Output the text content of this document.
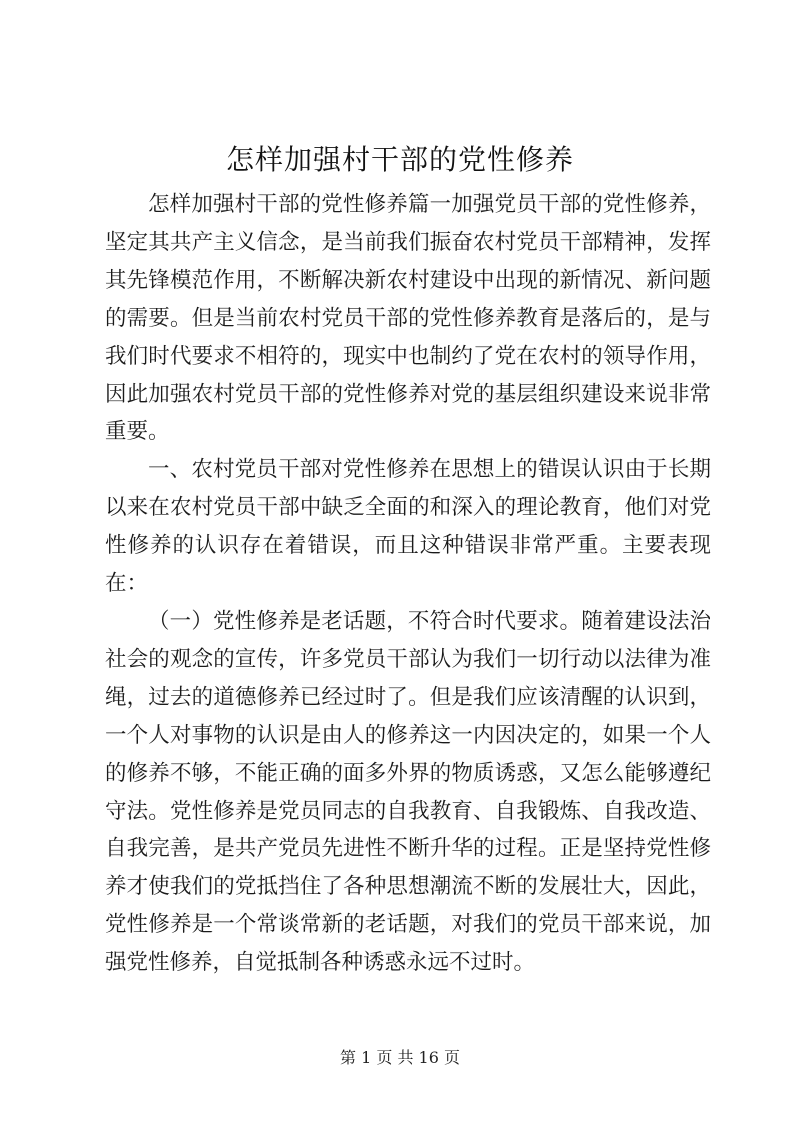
怎样加强村干部的党性修养

怎样加强村干部的党性修养篇一加强党员干部的党性修养，坚定其共产主义信念，是当前我们振奋农村党员干部精神，发挥其先锋模范作用，不断解决新农村建设中出现的新情况、新问题的需要。但是当前农村党员干部的党性修养教育是落后的，是与我们时代要求不相符的，现实中也制约了党在农村的领导作用，因此加强农村党员干部的党性修养对党的基层组织建设来说非常重要。

一、农村党员干部对党性修养在思想上的错误认识由于长期以来在农村党员干部中缺乏全面的和深入的理论教育，他们对党性修养的认识存在着错误，而且这种错误非常严重。主要表现在：

（一）党性修养是老话题，不符合时代要求。随着建设法治社会的观念的宣传，许多党员干部认为我们一切行动以法律为准绳，过去的道德修养已经过时了。但是我们应该清醒的认识到，一个人对事物的认识是由人的修养这一内因决定的，如果一个人的修养不够，不能正确的面多外界的物质诱惑，又怎么能够遵纪守法。党性修养是党员同志的自我教育、自我锻炼、自我改造、自我完善，是共产党员先进性不断升华的过程。正是坚持党性修养才使我们的党抵挡住了各种思想潮流不断的发展壮大，因此，党性修养是一个常谈常新的老话题，对我们的党员干部来说，加强党性修养，自觉抵制各种诱惑永远不过时。

第 1 页 共 16 页
